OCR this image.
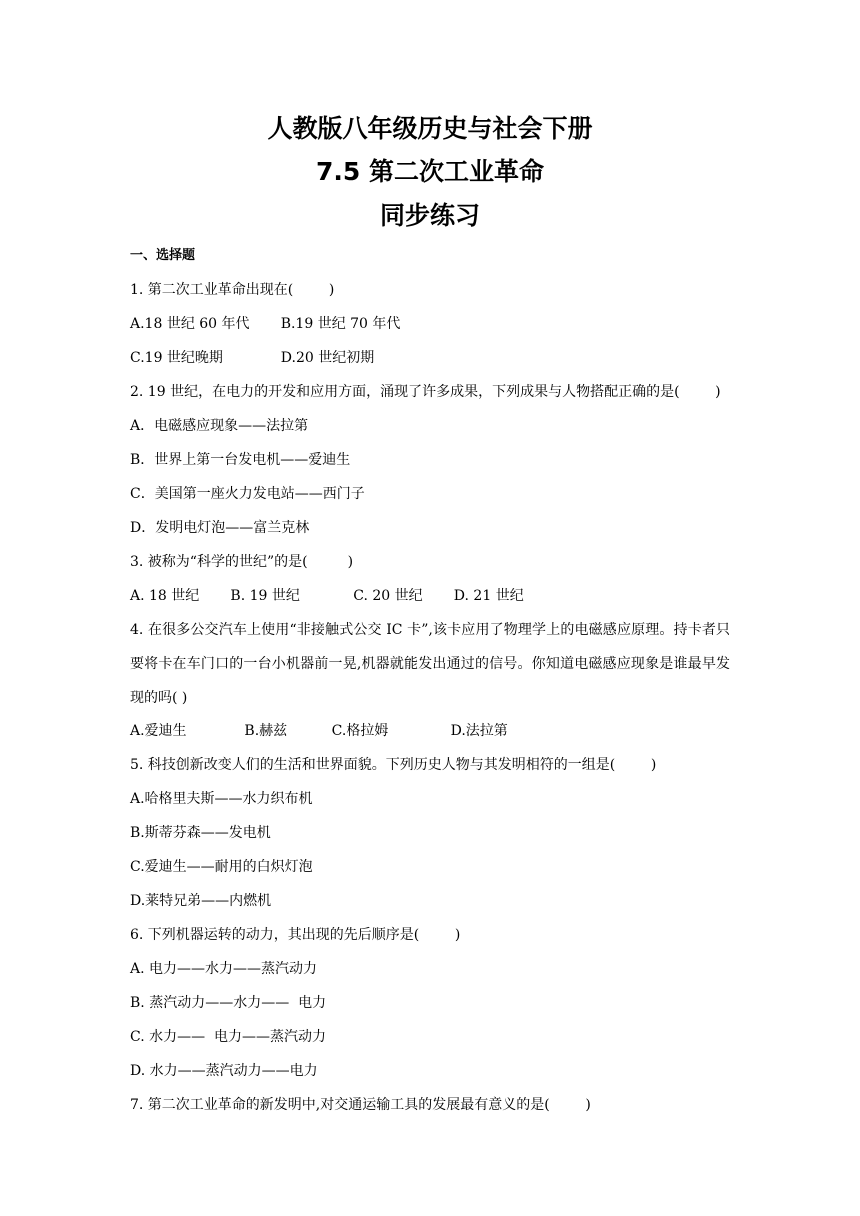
人教版八年级历史与社会下册
7.5 第二次工业革命
同步练习
一、选择题
1. 第二次工业革命出现在(        )
A.18 世纪 60 年代       B.19 世纪 70 年代
C.19 世纪晚期             D.20 世纪初期
2. 19 世纪，在电力的开发和应用方面，涌现了许多成果，下列成果与人物搭配正确的是(        )
A．电磁感应现象——法拉第
B．世界上第一台发电机——爱迪生
C．美国第一座火力发电站——西门子
D．发明电灯泡——富兰克林
3. 被称为“科学的世纪”的是(         )
A. 18 世纪       B. 19 世纪            C. 20 世纪       D. 21 世纪
4. 在很多公交汽车上使用“非接触式公交 IC 卡”,该卡应用了物理学上的电磁感应原理。持卡者只要将卡在车门口的一台小机器前一晃,机器就能发出通过的信号。你知道电磁感应现象是谁最早发现的吗( )
A.爱迪生             B.赫兹          C.格拉姆              D.法拉第
5. 科技创新改变人们的生活和世界面貌。下列历史人物与其发明相符的一组是(        )
A.哈格里夫斯——水力织布机
B.斯蒂芬森——发电机
C.爱迪生——耐用的白炽灯泡
D.莱特兄弟——内燃机
6. 下列机器运转的动力，其出现的先后顺序是(        )
A. 电力——水力——蒸汽动力
B. 蒸汽动力——水力——  电力
C. 水力——  电力——蒸汽动力
D. 水力——蒸汽动力——电力
7. 第二次工业革命的新发明中,对交通运输工具的发展最有意义的是(        )
